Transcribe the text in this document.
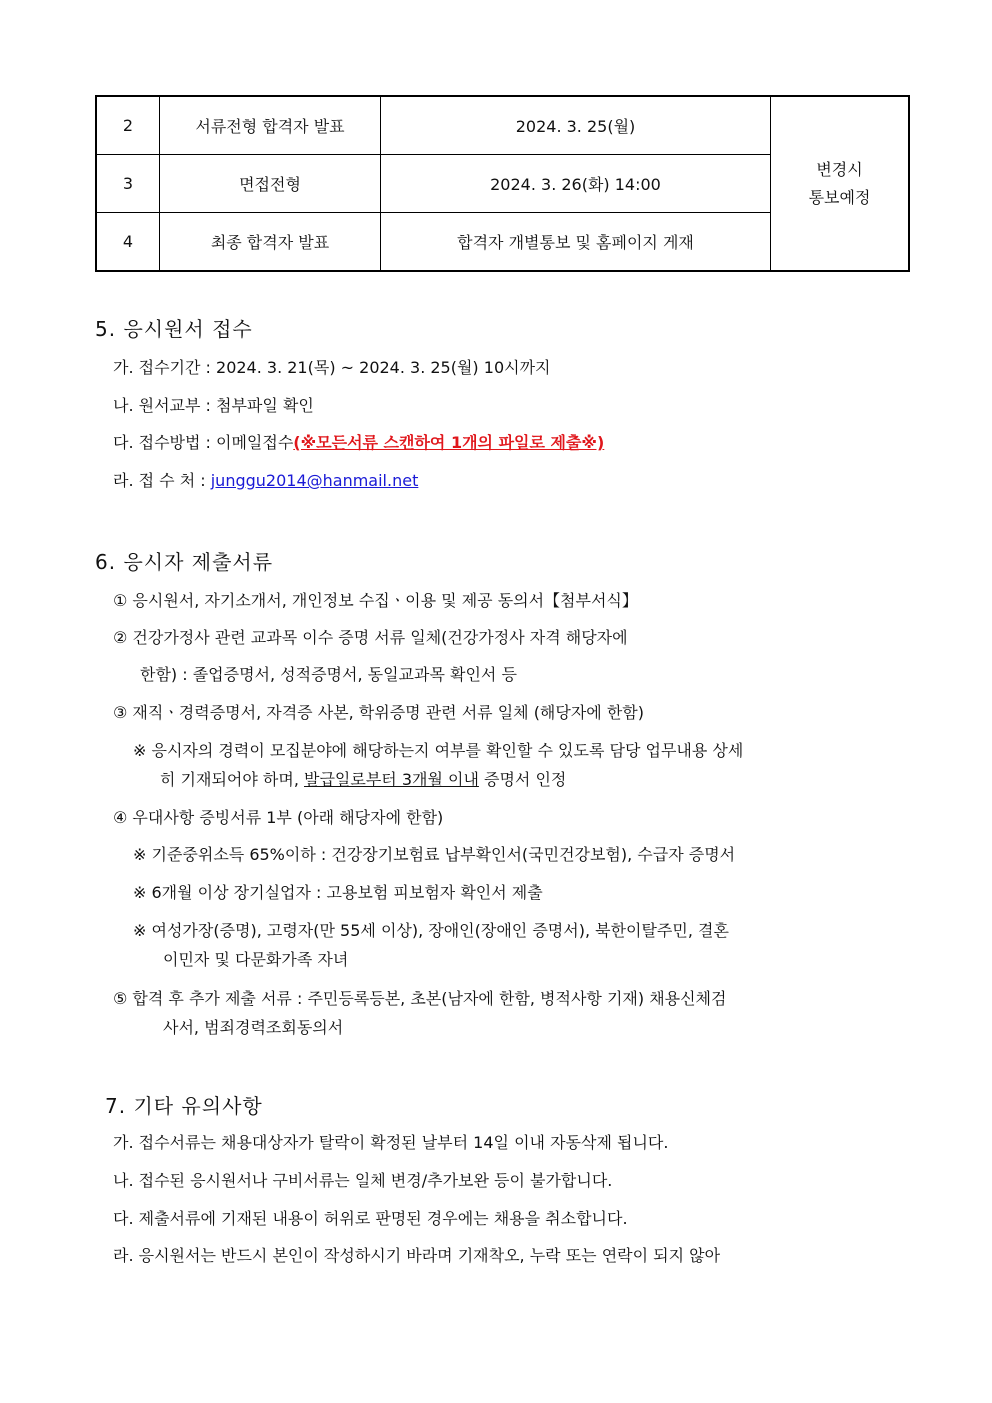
2	서류전형 합격자 발표	2024. 3. 25(월)	변경시
통보예정
3	면접전형	2024. 3. 26(화) 14:00	
4	최종 합격자 발표	합격자 개별통보 및 홈페이지 게재	
5. 응시원서 접수
가. 접수기간 : 2024. 3. 21(목) ~ 2024. 3. 25(월) 10시까지
나. 원서교부 : 첨부파일 확인
다. 접수방법 : 이메일접수(※모든서류 스캔하여 1개의 파일로 제출※)
라. 접 수 처 : junggu2014@hanmail.net
6. 응시자 제출서류
① 응시원서, 자기소개서, 개인정보 수집ㆍ이용 및 제공 동의서【첨부서식】
② 건강가정사 관련 교과목 이수 증명 서류 일체(건강가정사 자격 해당자에
한함) : 졸업증명서, 성적증명서, 동일교과목 확인서 등
③ 재직ㆍ경력증명서, 자격증 사본, 학위증명 관련 서류 일체 (해당자에 한함)
※ 응시자의 경력이 모집분야에 해당하는지 여부를 확인할 수 있도록 담당 업무내용 상세
히 기재되어야 하며, 발급일로부터 3개월 이내 증명서 인정
④ 우대사항 증빙서류 1부 (아래 해당자에 한함)
※ 기준중위소득 65%이하 : 건강장기보험료 납부확인서(국민건강보험), 수급자 증명서
※ 6개월 이상 장기실업자 : 고용보험 피보험자 확인서 제출
※ 여성가장(증명), 고령자(만 55세 이상), 장애인(장애인 증명서), 북한이탈주민, 결혼
이민자 및 다문화가족 자녀
⑤ 합격 후 추가 제출 서류 : 주민등록등본, 초본(남자에 한함, 병적사항 기재) 채용신체검
사서, 범죄경력조회동의서
7. 기타 유의사항
가. 접수서류는 채용대상자가 탈락이 확정된 날부터 14일 이내 자동삭제 됩니다.
나. 접수된 응시원서나 구비서류는 일체 변경/추가보완 등이 불가합니다.
다. 제출서류에 기재된 내용이 허위로 판명된 경우에는 채용을 취소합니다.
라. 응시원서는 반드시 본인이 작성하시기 바라며 기재착오, 누락 또는 연락이 되지 않아
